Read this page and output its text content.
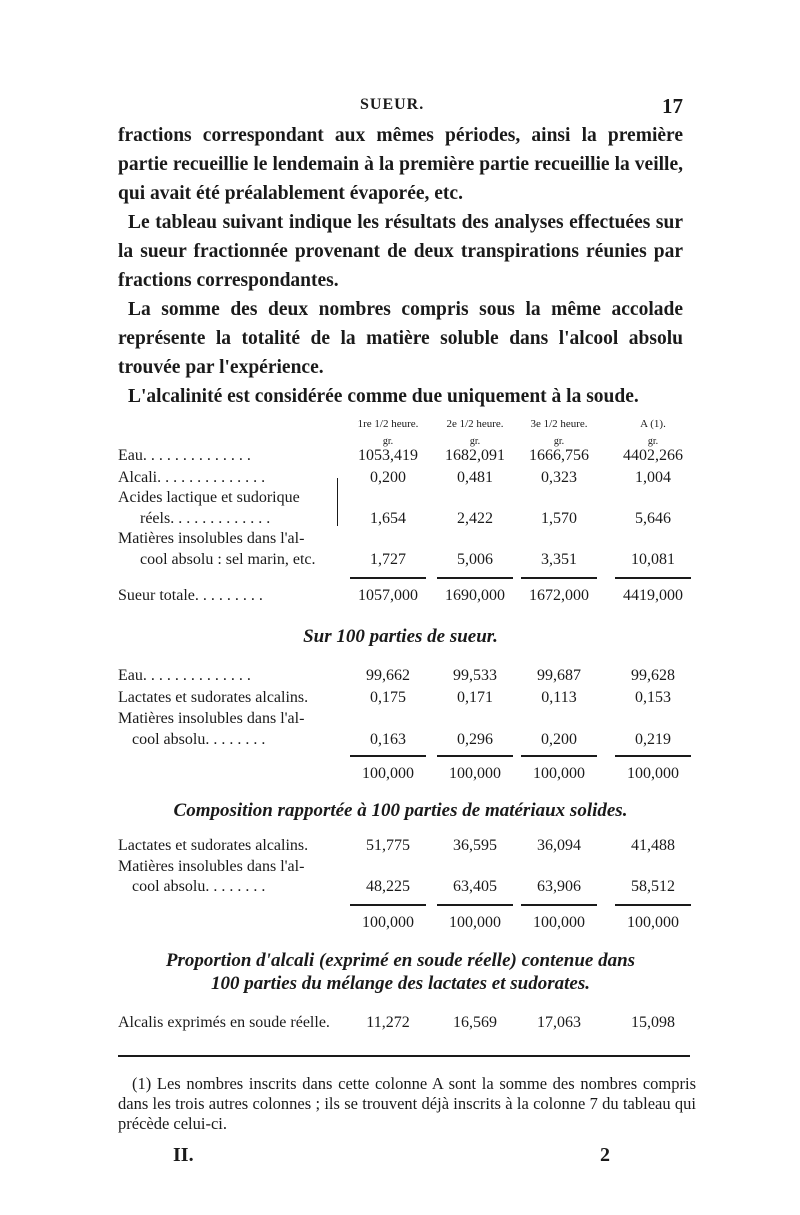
SUEUR.	17

fractions correspondant aux mêmes périodes, ainsi la première partie recueillie le lendemain à la première partie recueillie la veille, qui avait été préalablement évaporée, etc.

Le tableau suivant indique les résultats des analyses effectuées sur la sueur fractionnée provenant de deux transpirations réunies par fractions correspondantes.

La somme des deux nombres compris sous la même accolade représente la totalité de la matière soluble dans l'alcool absolu trouvée par l'expérience.

L'alcalinité est considérée comme due uniquement à la soude.

1re 1/2 heure.	2e 1/2 heure.	3e 1/2 heure.	A (1).
gr.	gr.	gr.	gr.
Eau. . . . . . . . . . . . . .	1053,419	1682,091	1666,756	4402,266
Alcali. . . . . . . . . . . . . .	0,200	0,481	0,323	1,004
Acides lactique et sudorique
réels. . . . . . . . . . . . .	1,654	2,422	1,570	5,646
Matières insolubles dans l'al-
cool absolu : sel marin, etc.	1,727	5,006	3,351	10,081
Sueur totale. . . . . . . . .	1057,000	1690,000	1672,000	4419,000
Sur 100 parties de sueur.
Eau. . . . . . . . . . . . . .	99,662	99,533	99,687	99,628
Lactates et sudorates alcalins.	0,175	0,171	0,113	0,153
Matières insolubles dans l'al-
cool absolu. . . . . . . .	0,163	0,296	0,200	0,219
100,000	100,000	100,000	100,000
Composition rapportée à 100 parties de matériaux solides.
Lactates et sudorates alcalins.	51,775	36,595	36,094	41,488
Matières insolubles dans l'al-
cool absolu. . . . . . . .	48,225	63,405	63,906	58,512
100,000	100,000	100,000	100,000
Proportion d'alcali (exprimé en soude réelle) contenue dans
100 parties du mélange des lactates et sudorates.
Alcalis exprimés en soude réelle.	11,272	16,569	17,063	15,098

(1) Les nombres inscrits dans cette colonne A sont la somme des nombres compris dans les trois autres colonnes ; ils se trouvent déjà inscrits à la colonne 7 du tableau qui précède celui-ci.

II.	2
